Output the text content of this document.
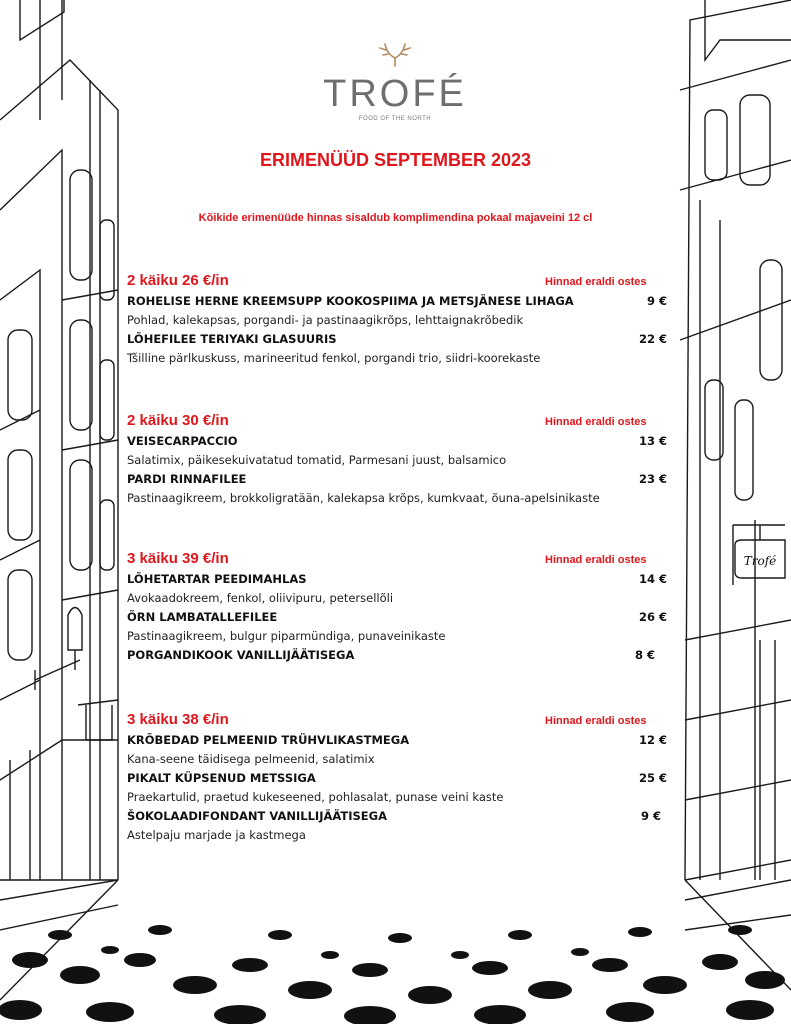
Trofé
TROFÉ
FOOD OF THE NORTH
ERIMENÜÜD SEPTEMBER 2023
Kõikide erimenüüde hinnas sisaldub komplimendina pokaal majaveini 12 cl
2 käiku 26 €/in	Hinnad eraldi ostes
ROHELISE HERNE KREEMSUPP KOOKOSPIIMA JA METSJÄNESE LIHAGA	9 €
Pohlad, kalekapsas, porgandi- ja pastinaagikrõps, lehttaignakrõbedik
LÕHEFILEE TERIYAKI GLASUURIS	22 €
Tšilline pärlkuskuss, marineeritud fenkol, porgandi trio, siidri-koorekaste
2 käiku 30 €/in	Hinnad eraldi ostes
VEISECARPACCIO	13 €
Salatimix, päikesekuivatatud tomatid, Parmesani juust, balsamico
PARDI RINNAFILEE	23 €
Pastinaagikreem, brokkoligratään, kalekapsa krõps, kumkvaat, õuna-apelsinikaste
3 käiku 39 €/in	Hinnad eraldi ostes
LÕHETARTAR PEEDIMAHLAS	14 €
Avokaadokreem, fenkol, oliivipuru, petersellõli
ÕRN LAMBATALLEFILEE	26 €
Pastinaagikreem, bulgur piparmündiga, punaveinikaste
PORGANDIKOOK VANILLIJÄÄTISEGA	8 €
3 käiku 38 €/in	Hinnad eraldi ostes
KRÕBEDAD PELMEENID TRÜHVLIKASTMEGA	12 €
Kana-seene täidisega pelmeenid, salatimix
PIKALT KÜPSENUD METSSIGA	25 €
Praekartulid, praetud kukeseened, pohlasalat, punase veini kaste
ŠOKOLAADIFONDANT VANILLIJÄÄTISEGA	9 €
Astelpaju marjade ja kastmega
